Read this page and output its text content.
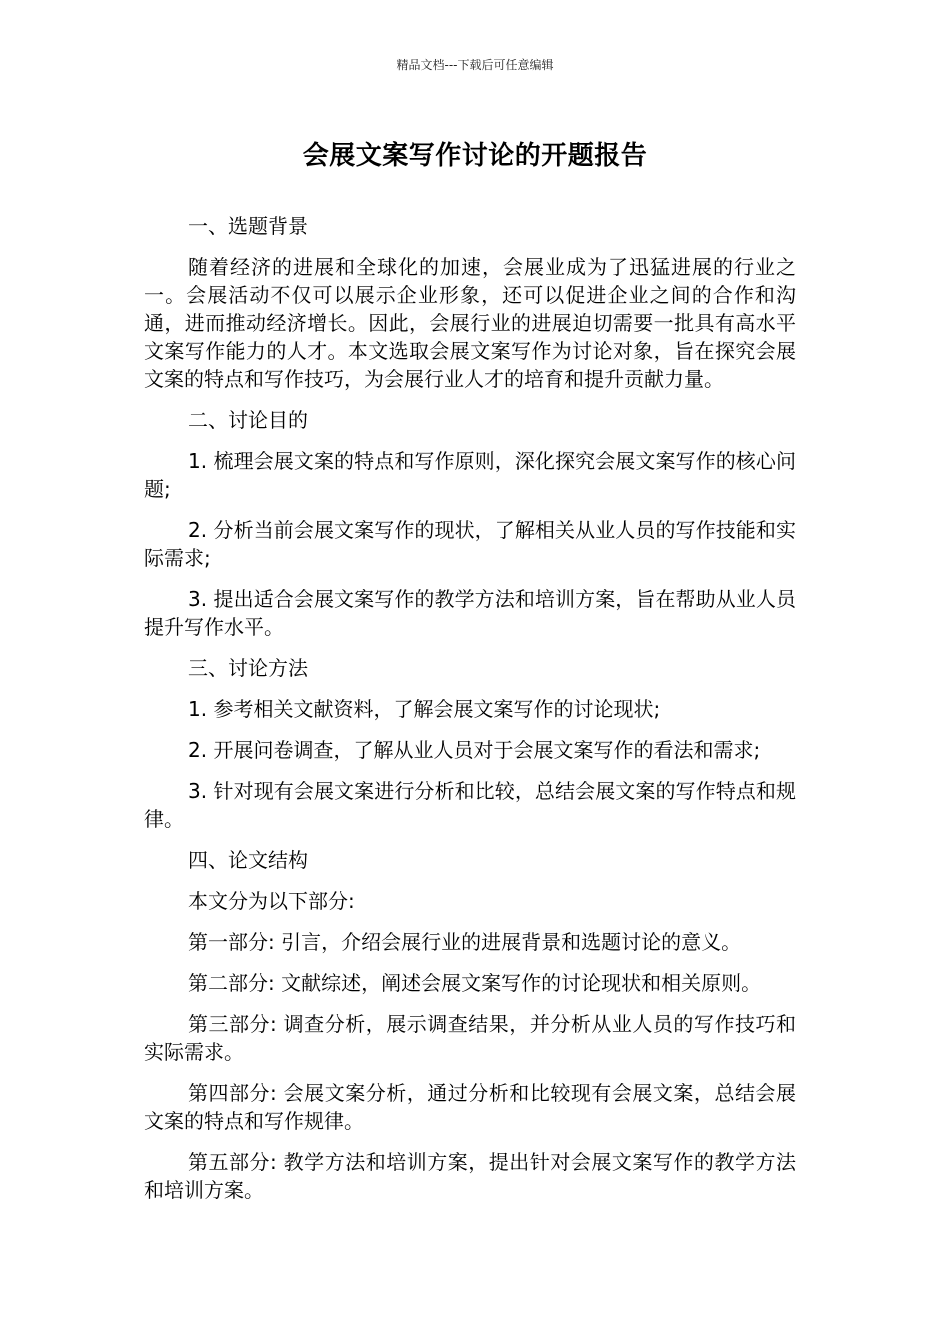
精品文档---下载后可任意编辑
会展文案写作讨论的开题报告

一、选题背景

随着经济的进展和全球化的加速，会展业成为了迅猛进展的行业之一。会展活动不仅可以展示企业形象，还可以促进企业之间的合作和沟通，进而推动经济增长。因此，会展行业的进展迫切需要一批具有高水平文案写作能力的人才。本文选取会展文案写作为讨论对象，旨在探究会展文案的特点和写作技巧，为会展行业人才的培育和提升贡献力量。

二、讨论目的

1. 梳理会展文案的特点和写作原则，深化探究会展文案写作的核心问题;

2. 分析当前会展文案写作的现状，了解相关从业人员的写作技能和实际需求;

3. 提出适合会展文案写作的教学方法和培训方案，旨在帮助从业人员提升写作水平。

三、讨论方法

1. 参考相关文献资料，了解会展文案写作的讨论现状;

2. 开展问卷调查，了解从业人员对于会展文案写作的看法和需求;

3. 针对现有会展文案进行分析和比较，总结会展文案的写作特点和规律。

四、论文结构

本文分为以下部分:

第一部分: 引言，介绍会展行业的进展背景和选题讨论的意义。

第二部分: 文献综述，阐述会展文案写作的讨论现状和相关原则。

第三部分: 调查分析，展示调查结果，并分析从业人员的写作技巧和实际需求。

第四部分: 会展文案分析，通过分析和比较现有会展文案，总结会展文案的特点和写作规律。

第五部分: 教学方法和培训方案，提出针对会展文案写作的教学方法和培训方案。
